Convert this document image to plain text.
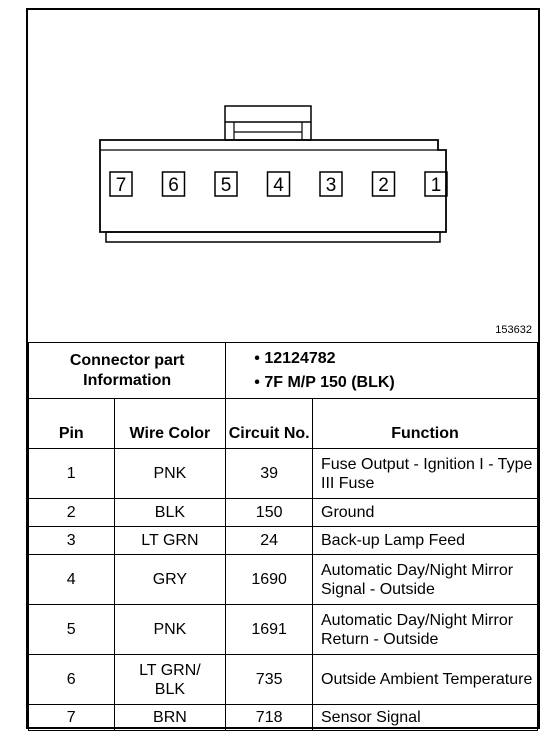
7 6 5 4 3 2 1
153632
Connector part Information		• 12124782
• 7F M/P 150 (BLK)	

Pin	Wire Color	Circuit No.	Function
1	PNK	39	Fuse Output - Ignition I - Type III Fuse
2	BLK	150	Ground
3	LT GRN	24	Back-up Lamp Feed
4	GRY	1690	Automatic Day/Night Mirror Signal - Outside
5	PNK	1691	Automatic Day/Night Mirror Return - Outside
6	LT GRN/ BLK	735	Outside Ambient Temperature
7	BRN	718	Sensor Signal
